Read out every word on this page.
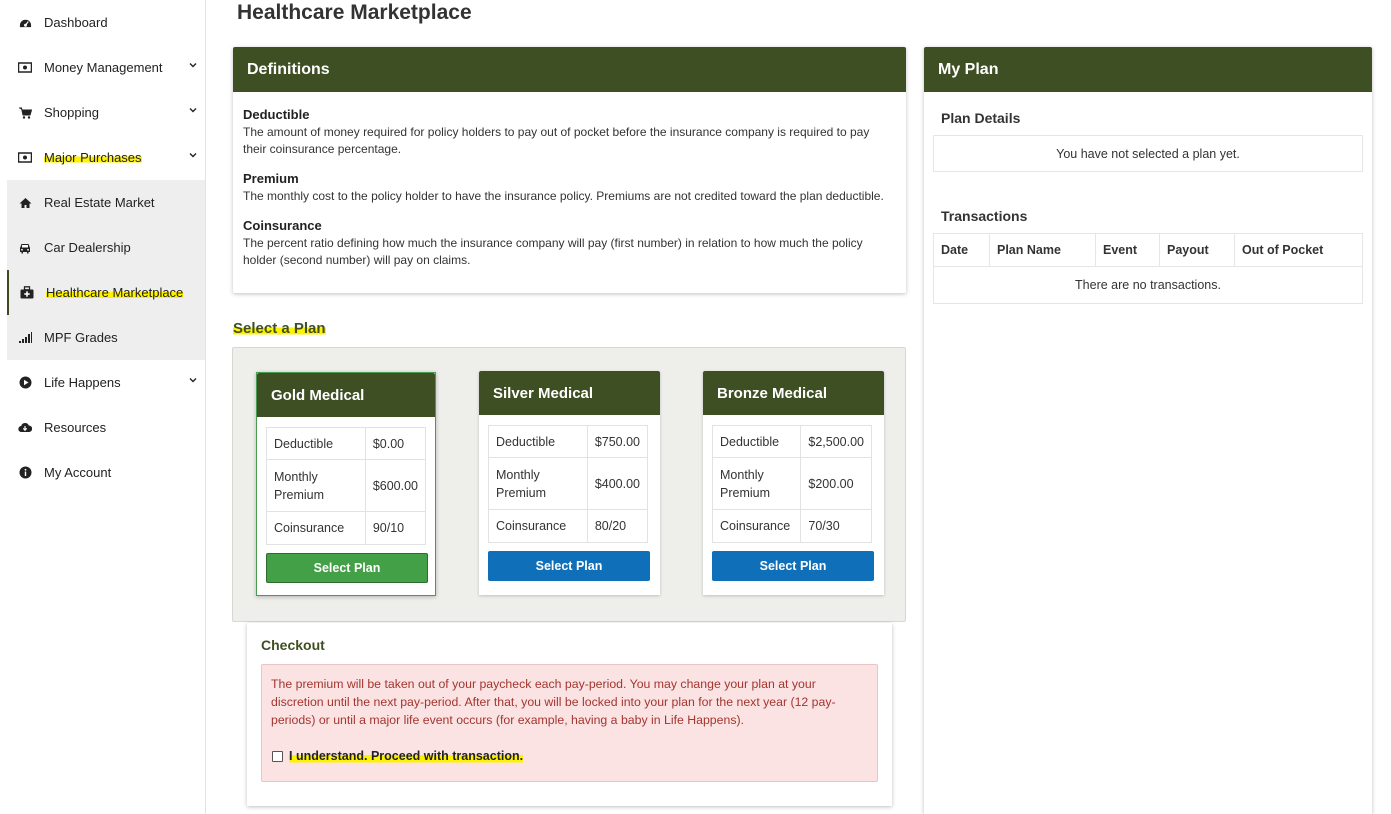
Dashboard
Money Management
Shopping
Major Purchases
Real Estate Market
Car Dealership
Healthcare Marketplace
MPF Grades
Life Happens
Resources
My Account
Healthcare Marketplace
Definitions
Deductible
The amount of money required for policy holders to pay out of pocket before the insurance company is required to pay their coinsurance percentage.
Premium
The monthly cost to the policy holder to have the insurance policy. Premiums are not credited toward the plan deductible.
Coinsurance
The percent ratio defining how much the insurance company will pay (first number) in relation to how much the policy holder (second number) will pay on claims.
Select a Plan
Gold Medical
Deductible	$0.00
Monthly Premium	$600.00
Coinsurance	90/10
Select Plan
Silver Medical
Deductible	$750.00
Monthly Premium	$400.00
Coinsurance	80/20
Select Plan
Bronze Medical
Deductible	$2,500.00
Monthly Premium	$200.00
Coinsurance	70/30
Select Plan
Checkout
The premium will be taken out of your paycheck each pay-period. You may change your plan at your discretion until the next pay-period. After that, you will be locked into your plan for the next year (12 pay-periods) or until a major life event occurs (for example, having a baby in Life Happens).
I understand. Proceed with transaction.
My Plan
Plan Details
You have not selected a plan yet.
Transactions
Date	Plan Name	Event	Payout	Out of Pocket
There are no transactions.
